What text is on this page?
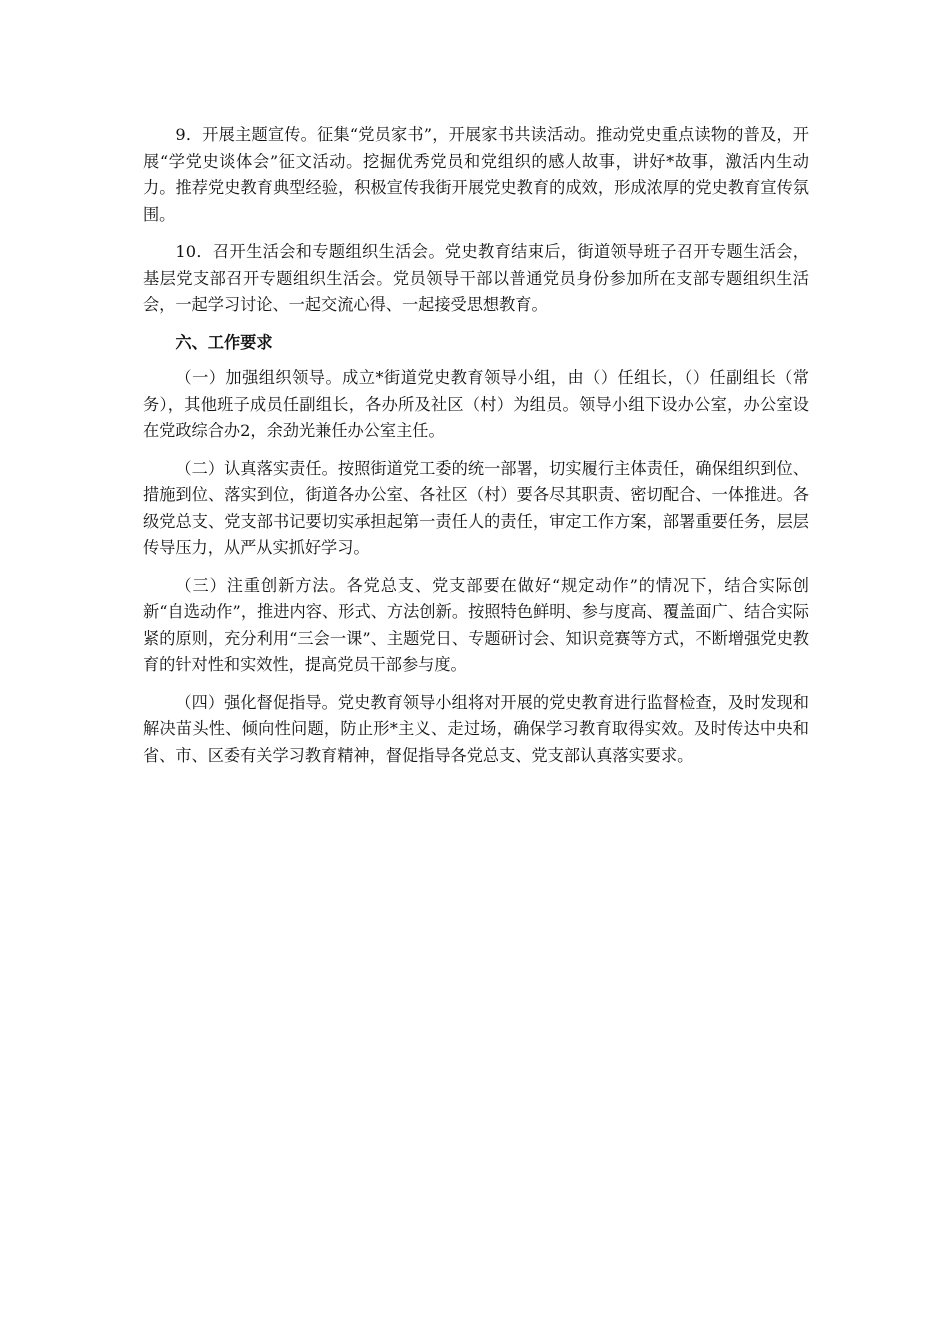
9．开展主题宣传。征集“党员家书”，开展家书共读活动。推动党史重点读物的普及，开展“学党史谈体会”征文活动。挖掘优秀党员和党组织的感人故事，讲好*故事，激活内生动力。推荐党史教育典型经验，积极宣传我街开展党史教育的成效，形成浓厚的党史教育宣传氛围。

10．召开生活会和专题组织生活会。党史教育结束后，街道领导班子召开专题生活会，基层党支部召开专题组织生活会。党员领导干部以普通党员身份参加所在支部专题组织生活会，一起学习讨论、一起交流心得、一起接受思想教育。

六、工作要求

（一）加强组织领导。成立*街道党史教育领导小组，由（）任组长，（）任副组长（常务），其他班子成员任副组长，各办所及社区（村）为组员。领导小组下设办公室，办公室设在党政综合办2，余劲光兼任办公室主任。

（二）认真落实责任。按照街道党工委的统一部署，切实履行主体责任，确保组织到位、措施到位、落实到位，街道各办公室、各社区（村）要各尽其职责、密切配合、一体推进。各级党总支、党支部书记要切实承担起第一责任人的责任，审定工作方案，部署重要任务，层层传导压力，从严从实抓好学习。

（三）注重创新方法。各党总支、党支部要在做好“规定动作”的情况下，结合实际创新“自选动作”，推进内容、形式、方法创新。按照特色鲜明、参与度高、覆盖面广、结合实际紧的原则，充分利用“三会一课”、主题党日、专题研讨会、知识竞赛等方式，不断增强党史教育的针对性和实效性，提高党员干部参与度。

（四）强化督促指导。党史教育领导小组将对开展的党史教育进行监督检查，及时发现和解决苗头性、倾向性问题，防止形*主义、走过场，确保学习教育取得实效。及时传达中央和省、市、区委有关学习教育精神，督促指导各党总支、党支部认真落实要求。
